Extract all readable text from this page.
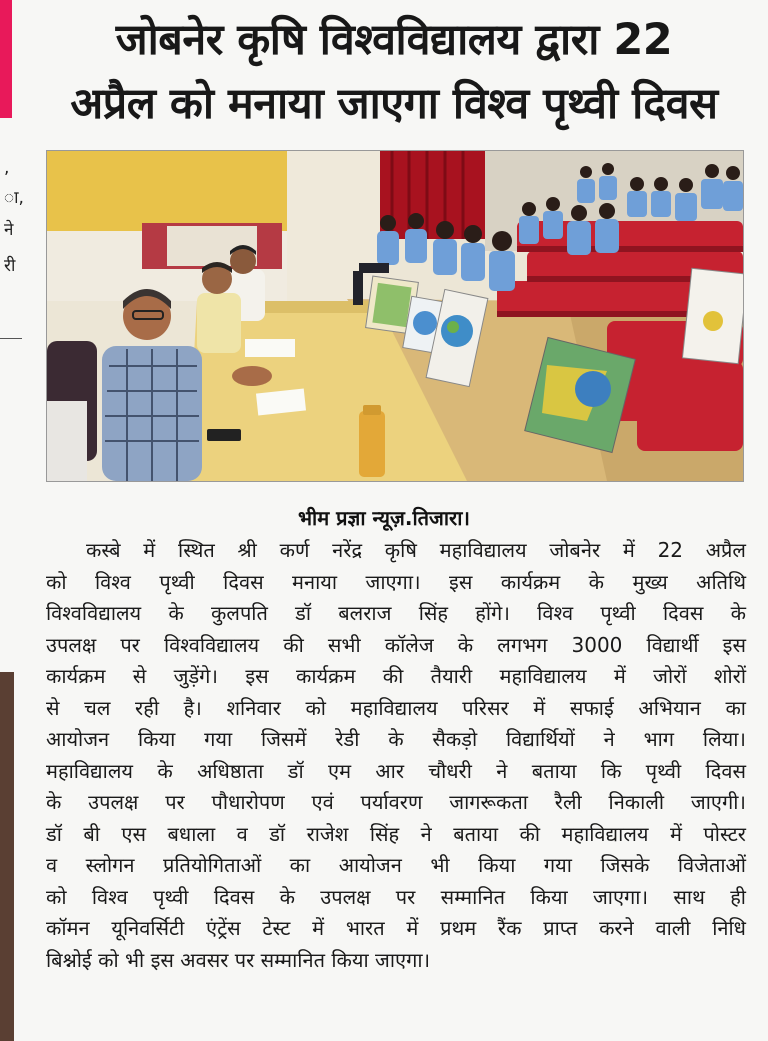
,
ा,
ने
री
जोबनेर कृषि विश्वविद्यालय द्वारा 22
अप्रैल को मनाया जाएगा विश्व पृथ्वी दिवस
भीम प्रज्ञा न्यूज़.तिजारा।
कस्बे में स्थित श्री कर्ण नरेंद्र कृषि महाविद्यालय जोबनेर में 22 अप्रैल
को विश्व पृथ्वी दिवस मनाया जाएगा। इस कार्यक्रम के मुख्य अतिथि
विश्वविद्यालय के कुलपति डॉ बलराज सिंह होंगे। विश्व पृथ्वी दिवस के
उपलक्ष पर विश्वविद्यालय की सभी कॉलेज के लगभग 3000 विद्यार्थी इस
कार्यक्रम से जुड़ेंगे। इस कार्यक्रम की तैयारी महाविद्यालय में जोरों शोरों
से चल रही है। शनिवार को महाविद्यालय परिसर में सफाई अभियान का
आयोजन किया गया जिसमें रेडी के सैकड़ो विद्यार्थियों ने भाग लिया।
महाविद्यालय के अधिष्ठाता डॉ एम आर चौधरी ने बताया कि पृथ्वी दिवस
के उपलक्ष पर पौधारोपण एवं पर्यावरण जागरूकता रैली निकाली जाएगी।
डॉ बी एस बधाला व डॉ राजेश सिंह ने बताया की महाविद्यालय में पोस्टर
व स्लोगन प्रतियोगिताओं का आयोजन भी किया गया जिसके विजेताओं
को विश्व पृथ्वी दिवस के उपलक्ष पर सम्मानित किया जाएगा। साथ ही
कॉमन यूनिवर्सिटी एंट्रेंस टेस्ट में भारत में प्रथम रैंक प्राप्त करने वाली निधि
बिश्नोई को भी इस अवसर पर सम्मानित किया जाएगा।
